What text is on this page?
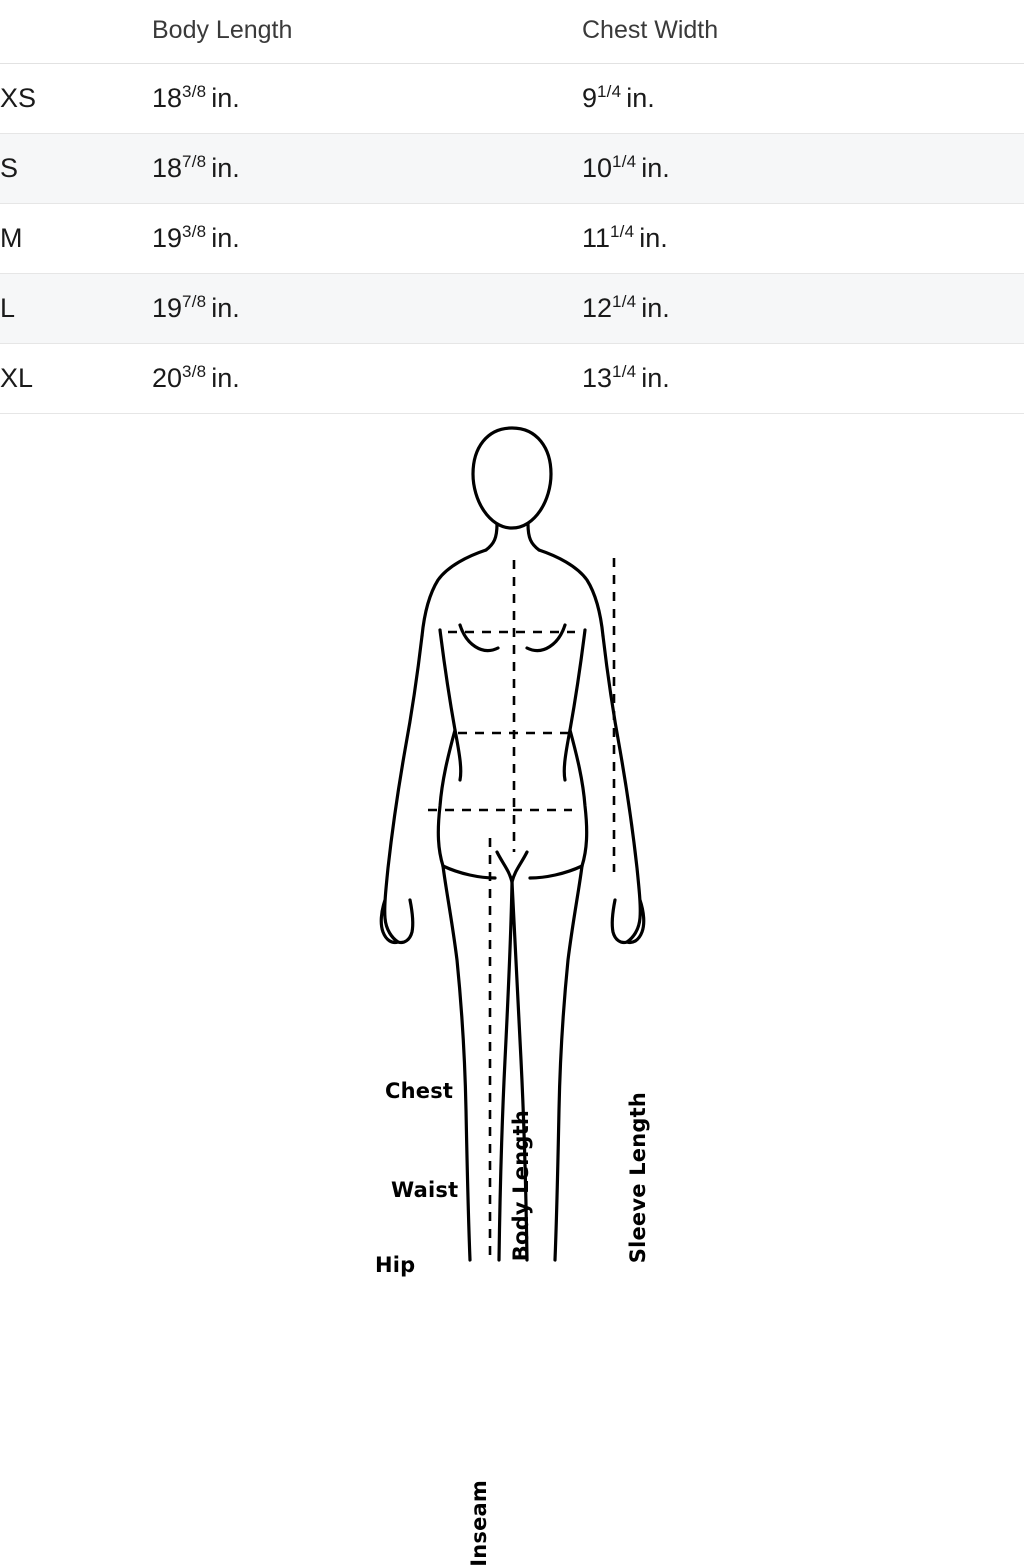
	Body Length	Chest Width
XS	$18^{3/8}$ in.	$9^{1/4}$ in.
S	$18^{7/8}$ in.	$10^{1/4}$ in.
M	$19^{3/8}$ in.	$11^{1/4}$ in.
L	$19^{7/8}$ in.	$12^{1/4}$ in.
XL	$20^{3/8}$ in.	$13^{1/4}$ in.
Chest
Waist
Hip
Body Length	Sleeve Length
Inseam
